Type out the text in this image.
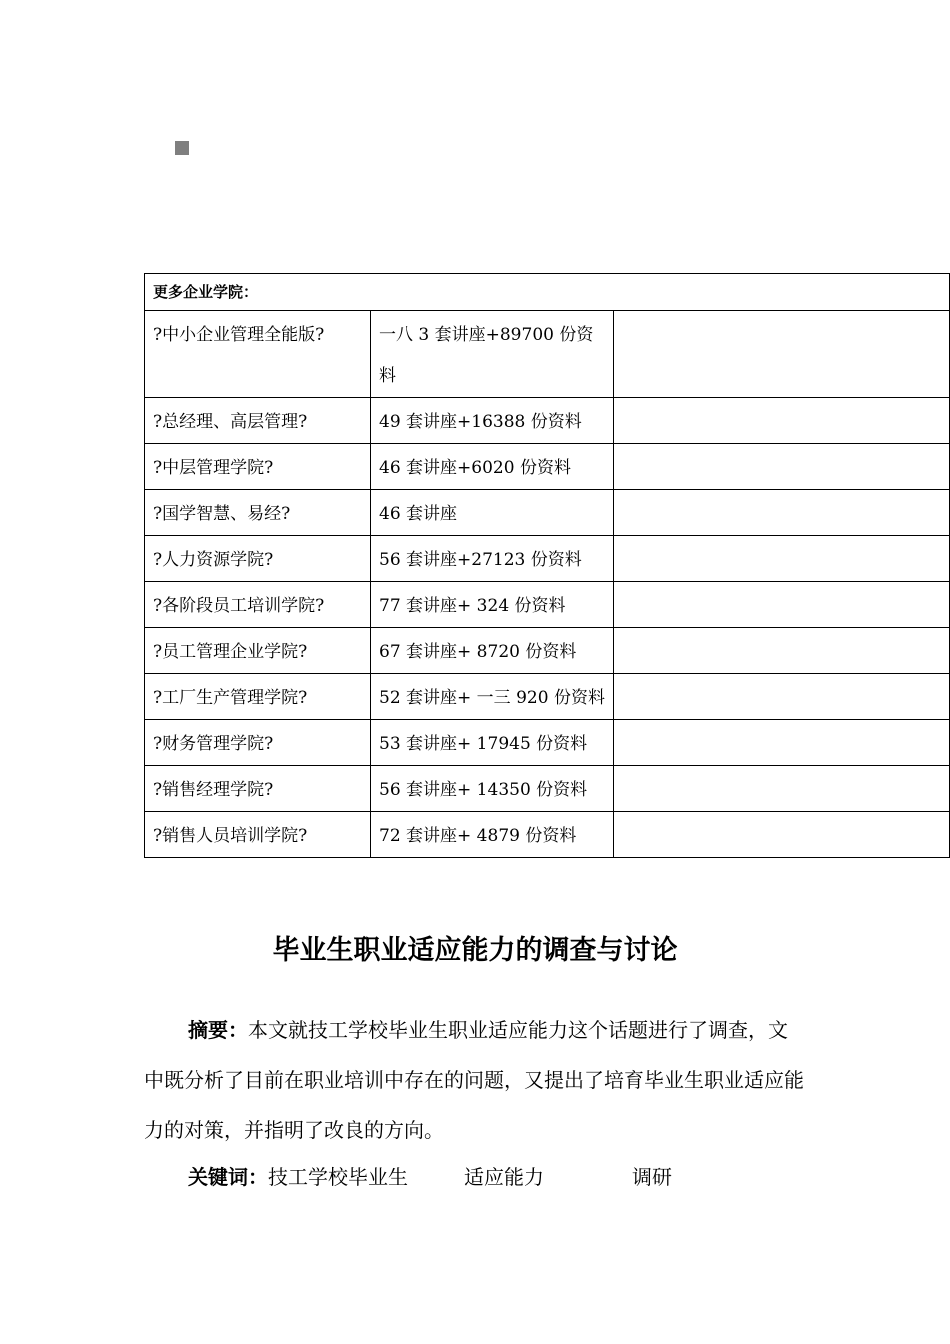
更多企业学院：		
?中小企业管理全能版?	一八 3 套讲座+89700 份资料	
?总经理、高层管理?	49 套讲座+16388 份资料	
?中层管理学院?	46 套讲座+6020 份资料	
?国学智慧、易经?	46 套讲座	
?人力资源学院?	56 套讲座+27123 份资料	
?各阶段员工培训学院?	77 套讲座+ 324 份资料	
?员工管理企业学院?	67 套讲座+ 8720 份资料	
?工厂生产管理学院?	52 套讲座+ 一三 920 份资料	
?财务管理学院?	53 套讲座+ 17945 份资料	
?销售经理学院?	56 套讲座+ 14350 份资料	
?销售人员培训学院?	72 套讲座+ 4879 份资料	
毕业生职业适应能力的调查与讨论
摘要：本文就技工学校毕业生职业适应能力这个话题进行了调查，文中既分析了目前在职业培训中存在的问题，又提出了培育毕业生职业适应能力的对策，并指明了改良的方向。
关键词：技工学校毕业生	适应能力	调研
